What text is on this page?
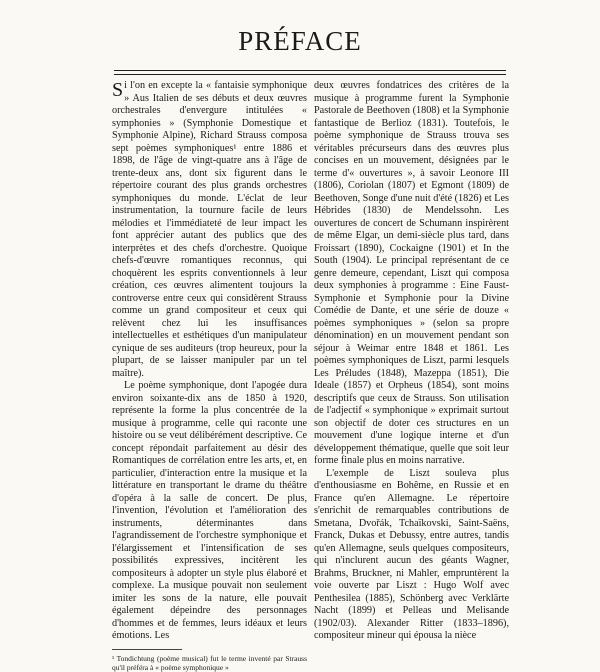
PRÉFACE

Si l'on en excepte la « fantaisie symphonique » Aus Italien de ses débuts et deux œuvres orchestrales d'envergure intitulées « symphonies » (Symphonie Domestique et Symphonie Alpine), Richard Strauss composa sept poèmes symphoniques¹ entre 1886 et 1898, de l'âge de vingt-quatre ans à l'âge de trente-deux ans, dont six figurent dans le répertoire courant des plus grands orchestres symphoniques du monde. L'éclat de leur instrumentation, la tournure facile de leurs mélodies et l'immédiateté de leur impact les font apprécier autant des publics que des interprètes et des chefs d'orchestre. Quoique chefs-d'œuvre romantiques reconnus, qui choquèrent les esprits conventionnels à leur création, ces œuvres alimentent toujours la controverse entre ceux qui considèrent Strauss comme un grand compositeur et ceux qui relèvent chez lui les insuffisances intellectuelles et esthétiques d'un manipulateur cynique de ses auditeurs (trop heureux, pour la plupart, de se laisser manipuler par un tel maître).

Le poème symphonique, dont l'apogée dura environ soixante-dix ans de 1850 à 1920, représente la forme la plus concentrée de la musique à programme, celle qui raconte une histoire ou se veut délibérément descriptive. Ce concept répondait parfaitement au désir des Romantiques de corrélation entre les arts, et, en particulier, d'interaction entre la musique et la littérature en transportant le drame du théâtre d'opéra à la salle de concert. De plus, l'invention, l'évolution et l'amélioration des instruments, déterminantes dans l'agrandissement de l'orchestre symphonique et l'élargissement et l'intensification de ses possibilités expressives, incitèrent les compositeurs à adopter un style plus élaboré et complexe. La musique pouvait non seulement imiter les sons de la nature, elle pouvait également dépeindre des personnages d'hommes et de femmes, leurs idéaux et leurs émotions. Les

¹ Tondichtung (poème musical) fut le terme inventé par Strauss qu'il préféra à « poème symphonique »

deux œuvres fondatrices des critères de la musique à programme furent la Symphonie Pastorale de Beethoven (1808) et la Symphonie fantastique de Berlioz (1831). Toutefois, le poème symphonique de Strauss trouva ses véritables précurseurs dans des œuvres plus concises en un mouvement, désignées par le terme d'« ouvertures », à savoir Leonore III (1806), Coriolan (1807) et Egmont (1809) de Beethoven, Songe d'une nuit d'été (1826) et Les Hébrides (1830) de Mendelssohn. Les ouvertures de concert de Schumann inspirèrent de même Elgar, un demi-siècle plus tard, dans Froissart (1890), Cockaigne (1901) et In the South (1904). Le principal représentant de ce genre demeure, cependant, Liszt qui composa deux symphonies à programme : Eine Faust-Symphonie et Symphonie pour la Divine Comédie de Dante, et une série de douze « poèmes symphoniques » (selon sa propre dénomination) en un mouvement pendant son séjour à Weimar entre 1848 et 1861. Les poèmes symphoniques de Liszt, parmi lesquels Les Préludes (1848), Mazeppa (1851), Die Ideale (1857) et Orpheus (1854), sont moins descriptifs que ceux de Strauss. Son utilisation de l'adjectif « symphonique » exprimait surtout son objectif de doter ces structures en un mouvement d'une logique interne et d'un développement thématique, quelle que soit leur forme finale plus en moins narrative.

L'exemple de Liszt souleva plus d'enthousiasme en Bohême, en Russie et en France qu'en Allemagne. Le répertoire s'enrichit de remarquables contributions de Smetana, Dvořák, Tchaïkovski, Saint-Saëns, Franck, Dukas et Debussy, entre autres, tandis qu'en Allemagne, seuls quelques compositeurs, qui n'inclurent aucun des géants Wagner, Brahms, Bruckner, ni Mahler, empruntèrent la voie ouverte par Liszt : Hugo Wolf avec Penthesilea (1885), Schönberg avec Verklärte Nacht (1899) et Pelleas und Melisande (1902/03). Alexander Ritter (1833–1896), compositeur mineur qui épousa la nièce
